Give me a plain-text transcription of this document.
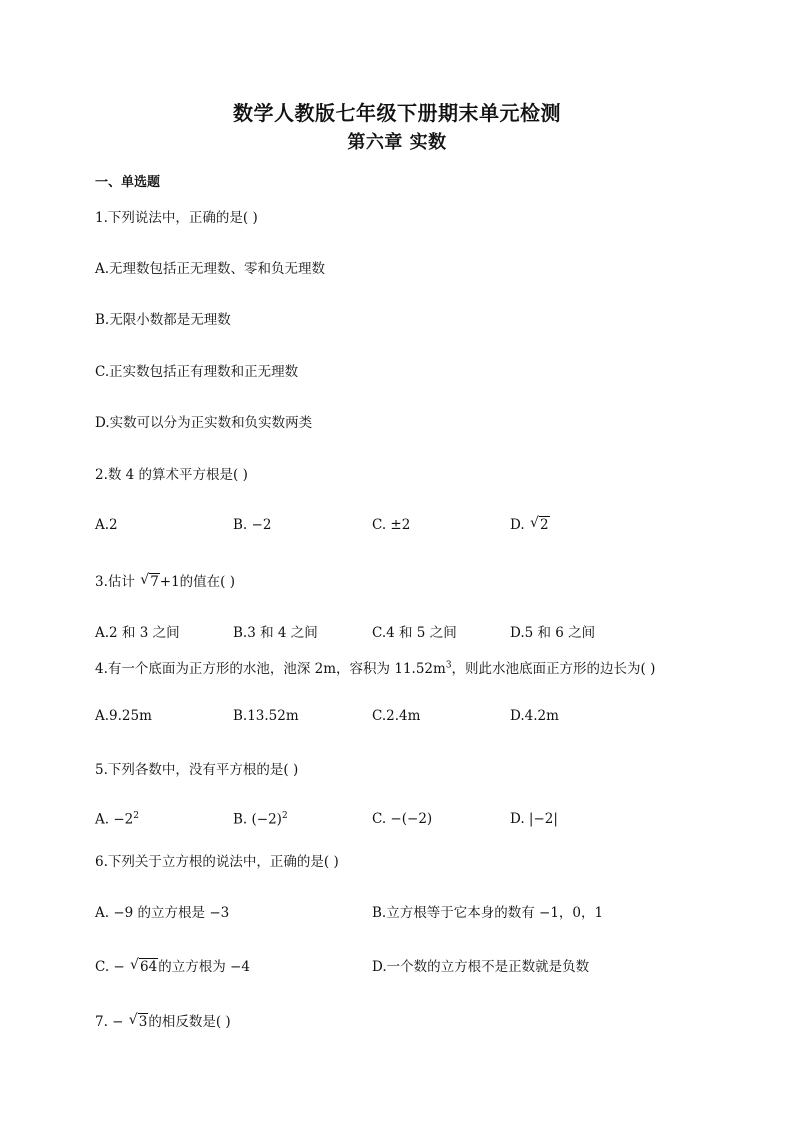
数学人教版七年级下册期末单元检测
第六章 实数
一、单选题
1.下列说法中，正确的是( )
A.无理数包括正无理数、零和负无理数
B.无限小数都是无理数
C.正实数包括正有理数和正无理数
D.实数可以分为正实数和负实数两类
2.数 4 的算术平方根是( )
A.2	B. −2	C. ±2	D. √ 2
3.估计 √ 7+1的值在( )
A.2 和 3 之间	B.3 和 4 之间	C.4 和 5 之间	D.5 和 6 之间
4.有一个底面为正方形的水池，池深 2m，容积为 $11.52m^3$，则此水池底面正方形的边长为( )
A.9.25m	B.13.52m	C.2.4m	D.4.2m
5.下列各数中，没有平方根的是( )
A. $-2^2$	B. $(-2)^2$	C. −(−2)	D. |−2|
6.下列关于立方根的说法中，正确的是( )
A. −9 的立方根是 −3	B.立方根等于它本身的数有 −1，0，1
C. − √ 64的立方根为 −4	D.一个数的立方根不是正数就是负数
7. − √ 3的相反数是( )
